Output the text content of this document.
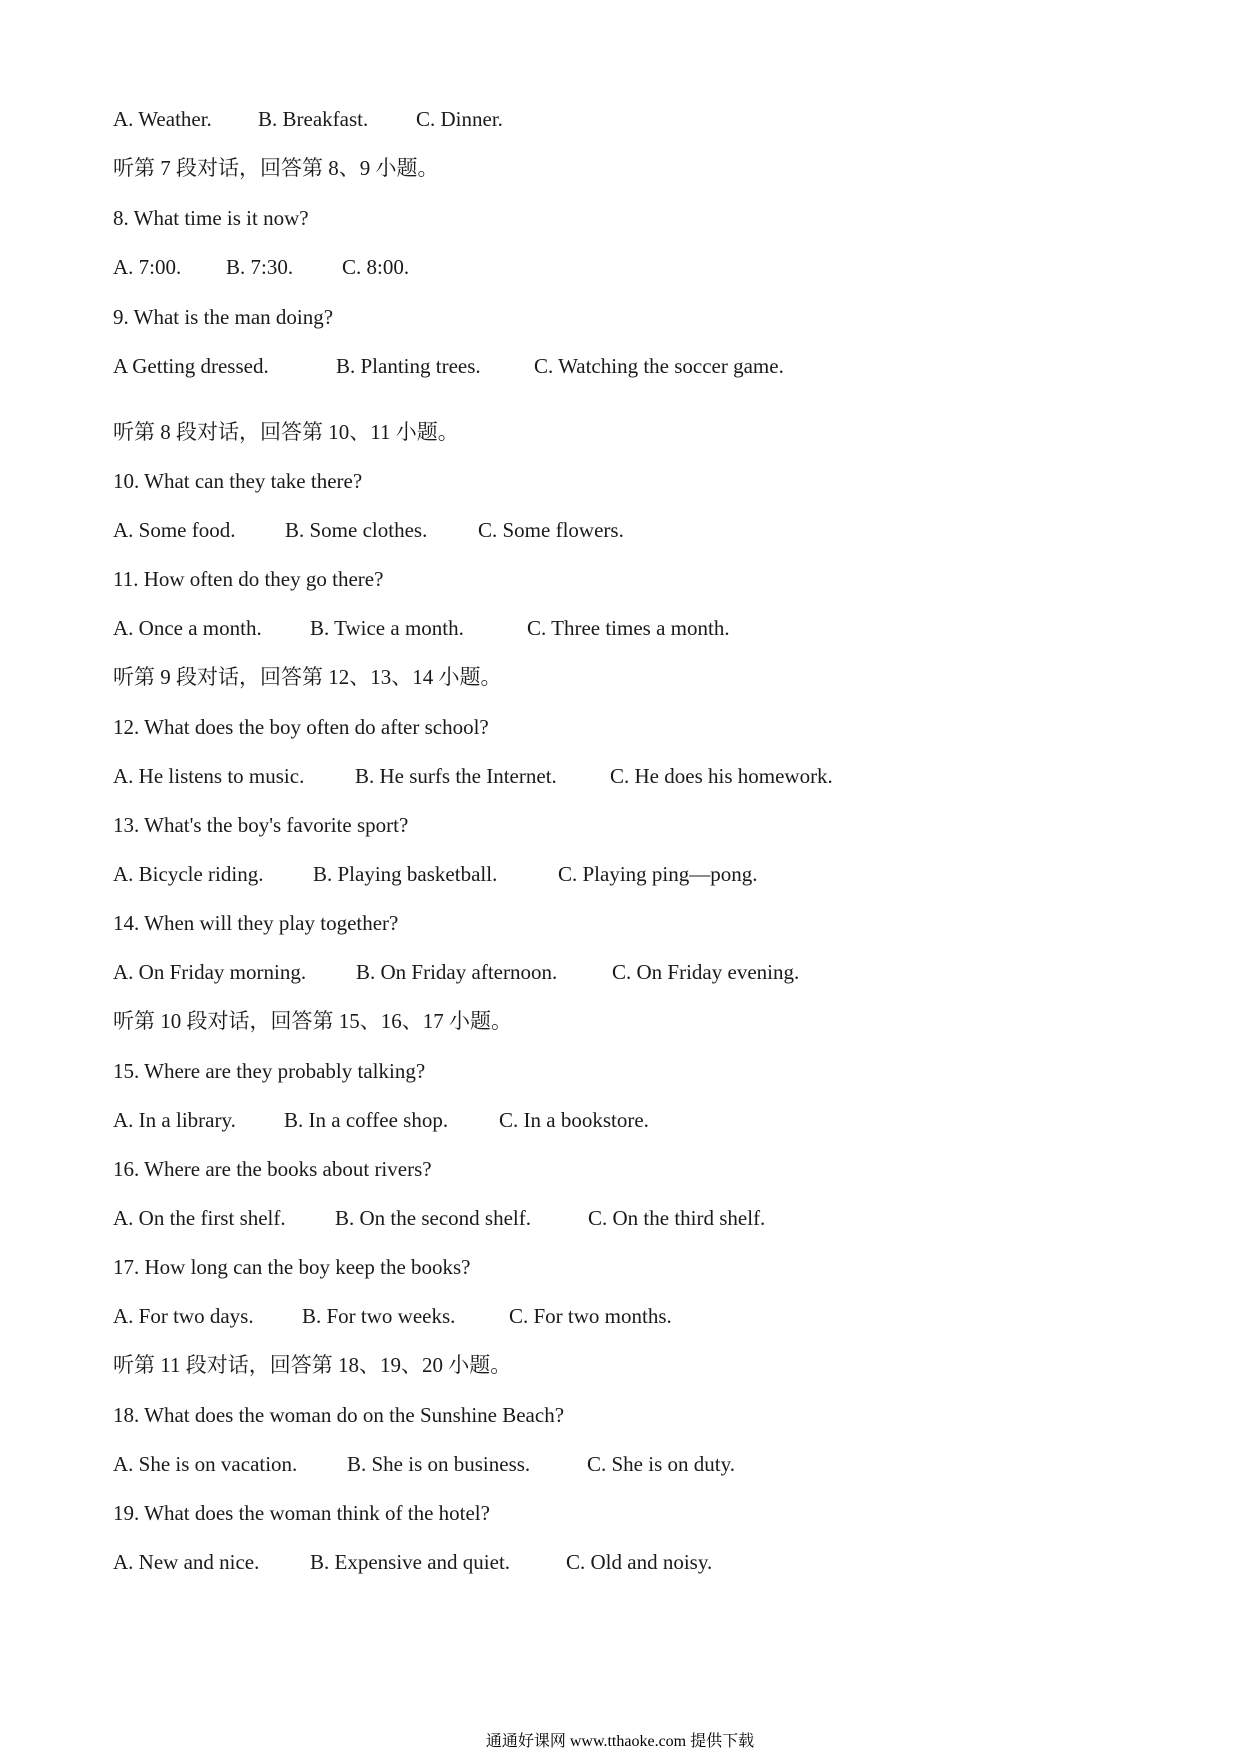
A. Weather. B. Breakfast. C. Dinner.
听第 7 段对话，回答第 8、9 小题。
8. What time is it now?
A. 7:00. B. 7:30. C. 8:00.
9. What is the man doing?
A Getting dressed.	B. Planting trees.	C. Watching the soccer game.
听第 8 段对话，回答第 10、11 小题。
10. What can they take there?
A. Some food. B. Some clothes. C. Some flowers.
11. How often do they go there?
A. Once a month. B. Twice a month.	C. Three times a month.
听第 9 段对话，回答第 12、13、14 小题。
12. What does the boy often do after school?
A. He listens to music. B. He surfs the Internet.	C. He does his homework.
13. What's the boy's favorite sport?
A. Bicycle riding. B. Playing basketball.	C. Playing ping—pong.
14. When will they play together?
A. On Friday morning. B. On Friday afternoon.	C. On Friday evening.
听第 10 段对话，回答第 15、16、17 小题。
15. Where are they probably talking?
A. In a library. B. In a coffee shop. C. In a bookstore.
16. Where are the books about rivers?
A. On the first shelf. B. On the second shelf.	C. On the third shelf.
17. How long can the boy keep the books?
A. For two days. B. For two weeks.	C. For two months.
听第 11 段对话，回答第 18、19、20 小题。
18. What does the woman do on the Sunshine Beach?
A. She is on vacation. B. She is on business.	C. She is on duty.
19. What does the woman think of the hotel?
A. New and nice. B. Expensive and quiet.	C. Old and noisy.
通通好课网 www.tthaoke.com 提供下载
